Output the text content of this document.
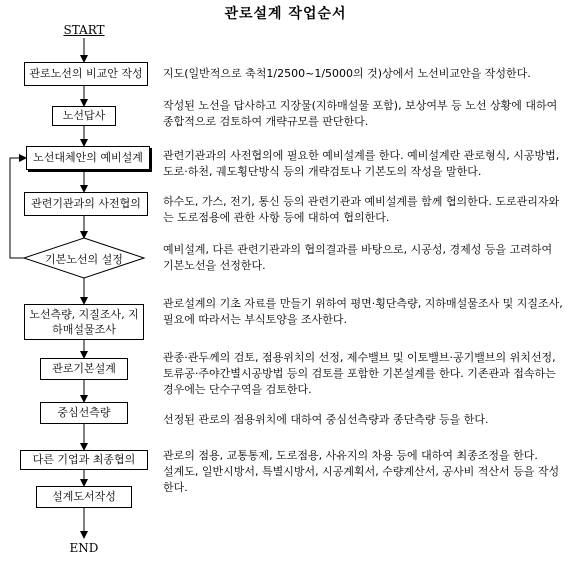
관로설계 작업순서
START
관로노선의 비교안 작성
노선답사
노선대체안의 예비설계
관련기관과의 사전협의
기본노선의 설정
노선측량, 지질조사, 지하매설물조사
관로기본설계
중심선측량
다른 기업과 최종협의
설계도서작성
END

지도(일반적으로 축척1/2500~1/5000의 것)상에서 노선비교안을 작성한다.

작성된 노선을 답사하고 지장물(지하매설물 포함), 보상여부 등 노선 상황에 대하여 종합적으로 검토하여 개략규모를 판단한다.

관련기관과의 사전협의에 필요한 예비설계를 한다. 예비설계란 관로형식, 시공방법, 도로·하천, 궤도횡단방식 등의 개략검토나 기본도의 작성을 말한다.

하수도, 가스, 전기, 통신 등의 관련기관과 예비설계를 함께 협의한다. 도로관리자와는 도로점용에 관한 사항 등에 대하여 협의한다.

예비설계, 다른 관련기관과의 협의결과를 바탕으로, 시공성, 경제성 등을 고려하여 기본노선을 선정한다.

관로설계의 기초 자료를 만들기 위하여 평면·횡단측량, 지하매설물조사 및 지질조사, 필요에 따라서는 부식토양을 조사한다.

관종·관두께의 검토, 점용위치의 선정, 제수밸브 및 이토밸브·공기밸브의 위치선정, 토류공·주야간별시공방법 등의 검토를 포함한 기본설계를 한다. 기존관과 접속하는 경우에는 단수구역을 검토한다.

선정된 관로의 점용위치에 대하여 중심선측량과 종단측량 등을 한다.

관로의 점용, 교통통제, 도로점용, 사유지의 차용 등에 대하여 최종조정을 한다.

설계도, 일반시방서, 특별시방서, 시공계획서, 수량계산서, 공사비 적산서 등을 작성한다.
